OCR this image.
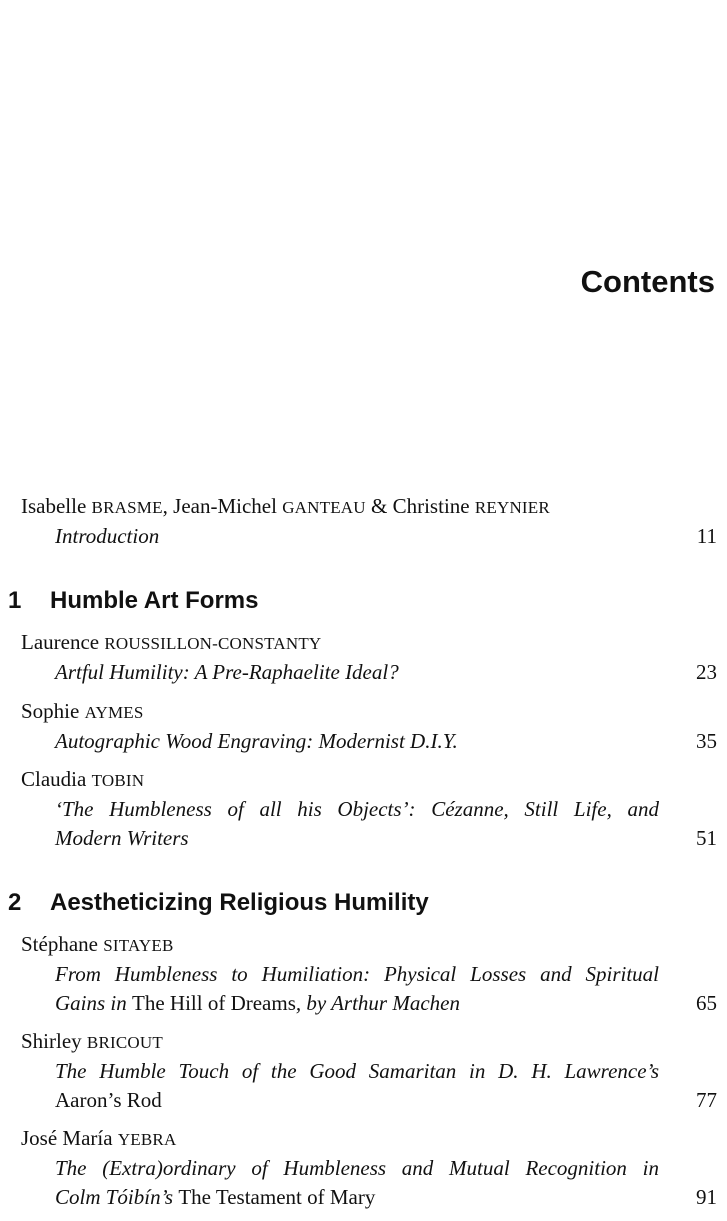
Contents
Isabelle BRASME, Jean-Michel GANTEAU & Christine REYNIER
Introduction	11
1 Humble Art Forms
Laurence ROUSSILLON-CONSTANTY
Artful Humility: A Pre-Raphaelite Ideal?	23
Sophie AYMES
Autographic Wood Engraving: Modernist D.I.Y.	35
Claudia TOBIN
‘The Humbleness of all his Objects’: Cézanne, Still Life, and
Modern Writers	51
2 Aestheticizing Religious Humility
Stéphane SITAYEB
From Humbleness to Humiliation: Physical Losses and Spiritual
Gains in The Hill of Dreams, by Arthur Machen	65
Shirley BRICOUT
The Humble Touch of the Good Samaritan in D. H. Lawrence’s
Aaron’s Rod	77
José María YEBRA
The (Extra)ordinary of Humbleness and Mutual Recognition in
Colm Tóibín’s The Testament of Mary	91
